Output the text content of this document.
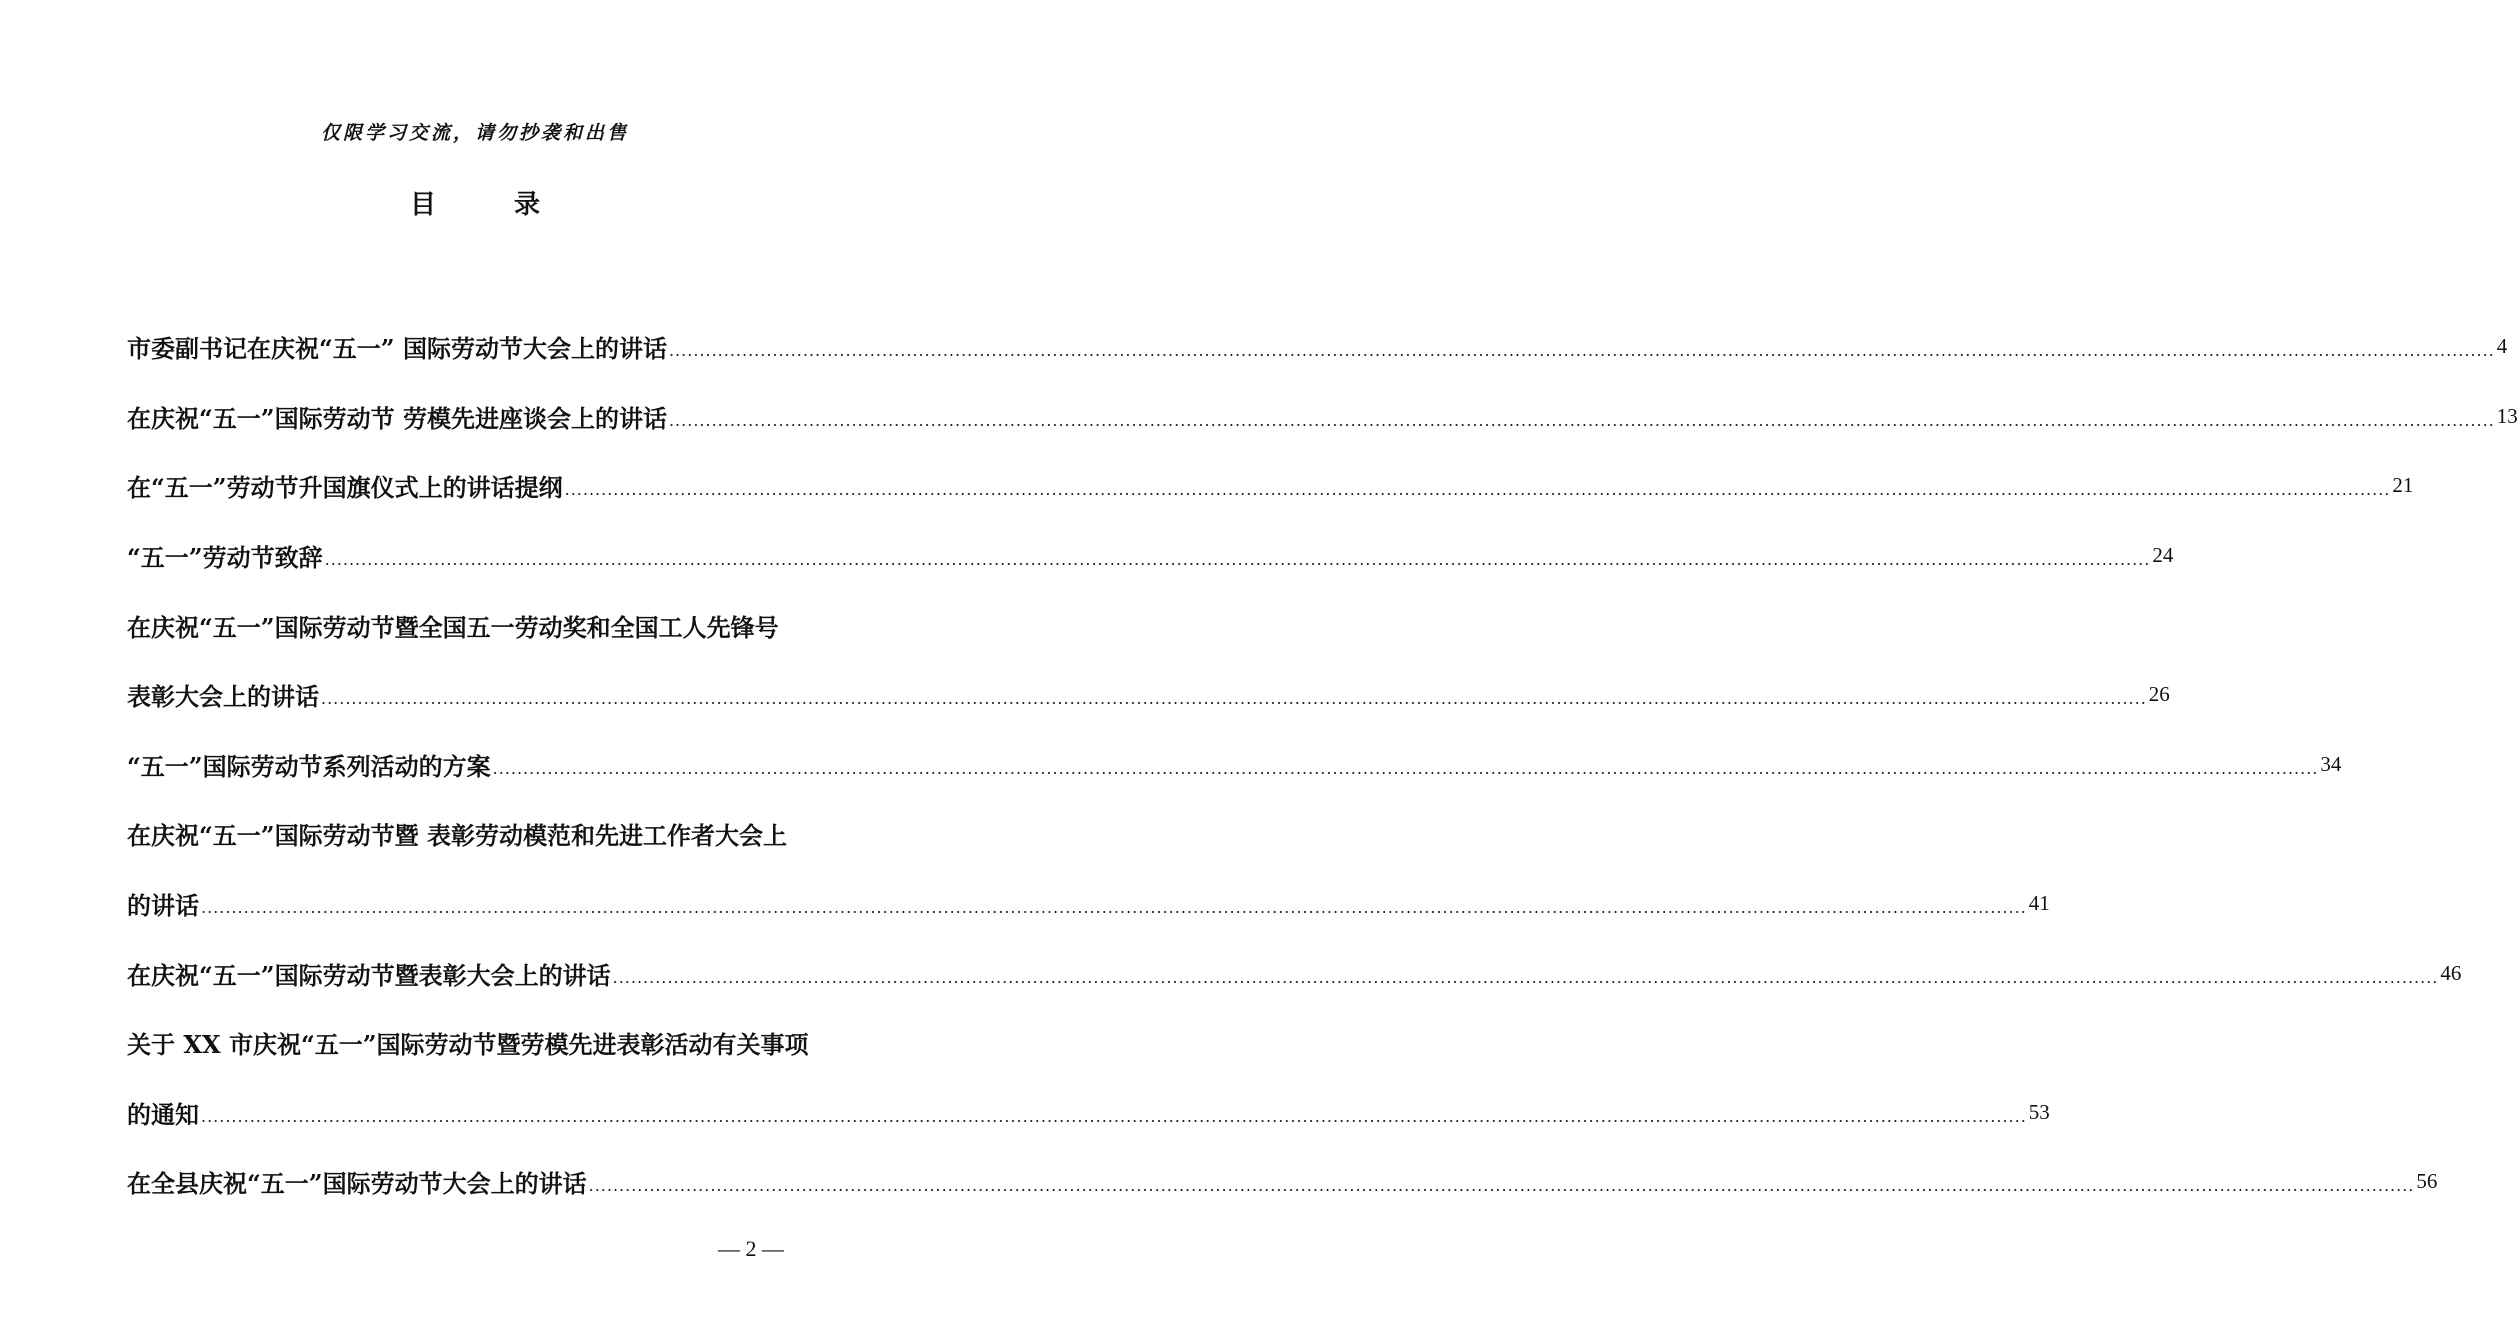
仅限学习交流，请勿抄袭和出售
目　录
市委副书记在庆祝“五一” 国际劳动节大会上的讲话 ............................................................................................................................................................................................................................................................................................................ 4
在庆祝“五一”国际劳动节 劳模先进座谈会上的讲话 ............................................................................................................................................................................................................................................................................................................ 13
在“五一”劳动节升国旗仪式上的讲话提纲 ............................................................................................................................................................................................................................................................................................................ 21
“五一”劳动节致辞 ............................................................................................................................................................................................................................................................................................................ 24
在庆祝“五一”国际劳动节暨全国五一劳动奖和全国工人先锋号
表彰大会上的讲话 ............................................................................................................................................................................................................................................................................................................ 26
“五一”国际劳动节系列活动的方案 ............................................................................................................................................................................................................................................................................................................ 34
在庆祝“五一”国际劳动节暨 表彰劳动模范和先进工作者大会上
的讲话 ............................................................................................................................................................................................................................................................................................................ 41
在庆祝“五一”国际劳动节暨表彰大会上的讲话 ............................................................................................................................................................................................................................................................................................................ 46
关于 XX 市庆祝“五一”国际劳动节暨劳模先进表彰活动有关事项
的通知 ............................................................................................................................................................................................................................................................................................................ 53
在全县庆祝“五一”国际劳动节大会上的讲话 ............................................................................................................................................................................................................................................................................................................ 56
— 2 —
